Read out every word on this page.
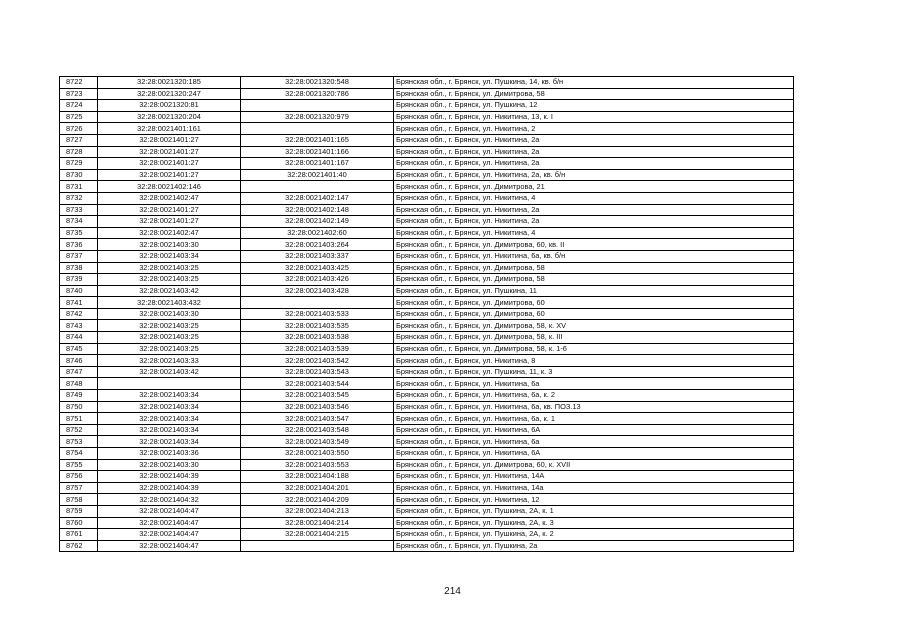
8722	32:28:0021320:185	32:28:0021320:548	Брянская обл., г. Брянск, ул. Пушкина, 14, кв. б/н
8723	32:28:0021320:247	32:28:0021320:786	Брянская обл., г. Брянск, ул. Димитрова, 58
8724	32:28:0021320:81		Брянская обл., г. Брянск, ул. Пушкина, 12
8725	32:28:0021320:204	32:28:0021320:979	Брянская обл., г. Брянск, ул. Никитина, 13, к. I
8726	32:28:0021401:161		Брянская обл., г. Брянск, ул. Никитина, 2
8727	32:28:0021401:27	32:28:0021401:165	Брянская обл., г. Брянск, ул. Никитина, 2а
8728	32:28:0021401:27	32:28:0021401:166	Брянская обл., г. Брянск, ул. Никитина, 2а
8729	32:28:0021401:27	32:28:0021401:167	Брянская обл., г. Брянск, ул. Никитина, 2а
8730	32:28:0021401:27	32:28:0021401:40	Брянская обл., г. Брянск, ул. Никитина, 2а, кв. б/н
8731	32:28:0021402:146		Брянская обл., г. Брянск, ул. Димитрова, 21
8732	32:28:0021402:47	32:28:0021402:147	Брянская обл., г. Брянск, ул. Никитина, 4
8733	32:28:0021401:27	32:28:0021402:148	Брянская обл., г. Брянск, ул. Никитина, 2а
8734	32:28:0021401:27	32:28:0021402:149	Брянская обл., г. Брянск, ул. Никитина, 2а
8735	32:28:0021402:47	32:28:0021402:60	Брянская обл., г. Брянск, ул. Никитина, 4
8736	32:28:0021403:30	32:28:0021403:264	Брянская обл., г. Брянск, ул. Димитрова, 60, кв. II
8737	32:28:0021403:34	32:28:0021403:337	Брянская обл., г. Брянск, ул. Никитина, 6а, кв. б/н
8738	32:28:0021403:25	32:28:0021403:425	Брянская обл., г. Брянск, ул. Димитрова, 58
8739	32:28:0021403:25	32:28:0021403:426	Брянская обл., г. Брянск, ул. Димитрова, 58
8740	32:28:0021403:42	32:28:0021403:428	Брянская обл., г. Брянск, ул. Пушкина, 11
8741	32:28:0021403:432		Брянская обл., г. Брянск, ул. Димитрова, 60
8742	32:28:0021403:30	32:28:0021403:533	Брянская обл., г. Брянск, ул. Димитрова, 60
8743	32:28:0021403:25	32:28:0021403:535	Брянская обл., г. Брянск, ул. Димитрова, 58, к. XV
8744	32:28:0021403:25	32:28:0021403:538	Брянская обл., г. Брянск, ул. Димитрова, 58, к. III
8745	32:28:0021403:25	32:28:0021403:539	Брянская обл., г. Брянск, ул. Димитрова, 58, к. 1-6
8746	32:28:0021403:33	32:28:0021403:542	Брянская обл., г. Брянск, ул. Никитина, 8
8747	32:28:0021403:42	32:28:0021403:543	Брянская обл., г. Брянск, ул. Пушкина, 11, к. 3
8748		32:28:0021403:544	Брянская обл., г. Брянск, ул. Никитина, 6а
8749	32:28:0021403:34	32:28:0021403:545	Брянская обл., г. Брянск, ул. Никитина, 6а, к. 2
8750	32:28:0021403:34	32:28:0021403:546	Брянская обл., г. Брянск, ул. Никитина, 6а, кв. ПОЗ.13
8751	32:28:0021403:34	32:28:0021403:547	Брянская обл., г. Брянск, ул. Никитина, 6а, к. 1
8752	32:28:0021403:34	32:28:0021403:548	Брянская обл., г. Брянск, ул. Никитина, 6А
8753	32:28:0021403:34	32:28:0021403:549	Брянская обл., г. Брянск, ул. Никитина, 6а
8754	32:28:0021403:36	32:28:0021403:550	Брянская обл., г. Брянск, ул. Никитина, 6А
8755	32:28:0021403:30	32:28:0021403:553	Брянская обл., г. Брянск, ул. Димитрова, 60, к. XVII
8756	32:28:0021404:39	32:28:0021404:188	Брянская обл., г. Брянск, ул. Никитина, 14А
8757	32:28:0021404:39	32:28:0021404:201	Брянская обл., г. Брянск, ул. Никитина, 14а
8758	32:28:0021404:32	32:28:0021404:209	Брянская обл., г. Брянск, ул. Никитина, 12
8759	32:28:0021404:47	32:28:0021404:213	Брянская обл., г. Брянск, ул. Пушкина, 2А, к. 1
8760	32:28:0021404:47	32:28:0021404:214	Брянская обл., г. Брянск, ул. Пушкина, 2А, к. 3
8761	32:28:0021404:47	32:28:0021404:215	Брянская обл., г. Брянск, ул. Пушкина, 2А, к. 2
8762	32:28:0021404:47		Брянская обл., г. Брянск, ул. Пушкина, 2а
214
